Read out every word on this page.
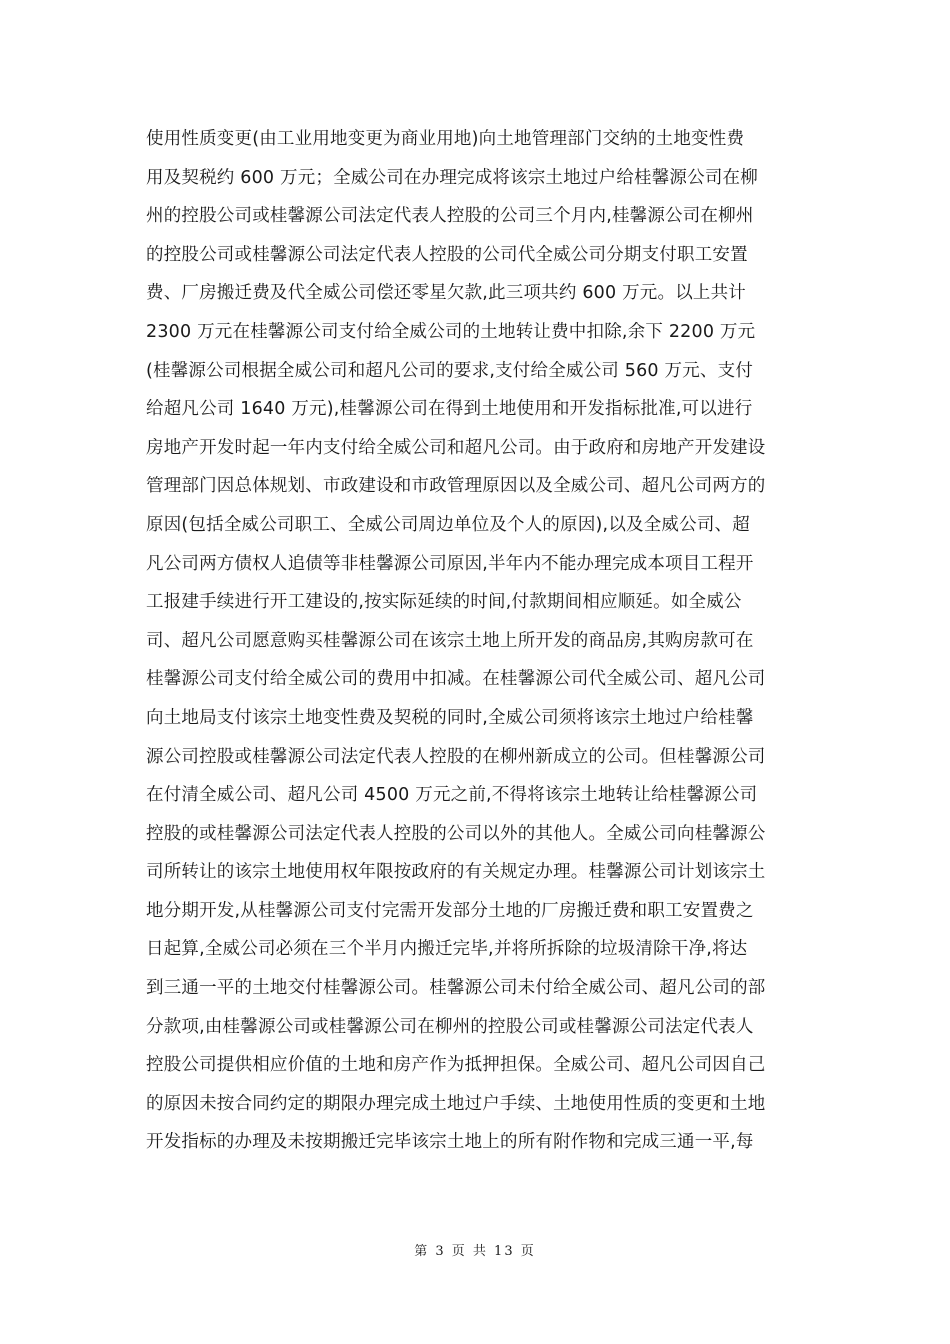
使用性质变更(由工业用地变更为商业用地)向土地管理部门交纳的土地变性费
用及契税约 600 万元；全威公司在办理完成将该宗土地过户给桂馨源公司在柳
州的控股公司或桂馨源公司法定代表人控股的公司三个月内,桂馨源公司在柳州
的控股公司或桂馨源公司法定代表人控股的公司代全威公司分期支付职工安置
费、厂房搬迁费及代全威公司偿还零星欠款,此三项共约 600 万元。以上共计
2300 万元在桂馨源公司支付给全威公司的土地转让费中扣除,余下 2200 万元
(桂馨源公司根据全威公司和超凡公司的要求,支付给全威公司 560 万元、支付
给超凡公司 1640 万元),桂馨源公司在得到土地使用和开发指标批准,可以进行
房地产开发时起一年内支付给全威公司和超凡公司。由于政府和房地产开发建设
管理部门因总体规划、市政建设和市政管理原因以及全威公司、超凡公司两方的
原因(包括全威公司职工、全威公司周边单位及个人的原因),以及全威公司、超
凡公司两方债权人追债等非桂馨源公司原因,半年内不能办理完成本项目工程开
工报建手续进行开工建设的,按实际延续的时间,付款期间相应顺延。如全威公
司、超凡公司愿意购买桂馨源公司在该宗土地上所开发的商品房,其购房款可在
桂馨源公司支付给全威公司的费用中扣减。在桂馨源公司代全威公司、超凡公司
向土地局支付该宗土地变性费及契税的同时,全威公司须将该宗土地过户给桂馨
源公司控股或桂馨源公司法定代表人控股的在柳州新成立的公司。但桂馨源公司
在付清全威公司、超凡公司 4500 万元之前,不得将该宗土地转让给桂馨源公司
控股的或桂馨源公司法定代表人控股的公司以外的其他人。全威公司向桂馨源公
司所转让的该宗土地使用权年限按政府的有关规定办理。桂馨源公司计划该宗土
地分期开发,从桂馨源公司支付完需开发部分土地的厂房搬迁费和职工安置费之
日起算,全威公司必须在三个半月内搬迁完毕,并将所拆除的垃圾清除干净,将达
到三通一平的土地交付桂馨源公司。桂馨源公司未付给全威公司、超凡公司的部
分款项,由桂馨源公司或桂馨源公司在柳州的控股公司或桂馨源公司法定代表人
控股公司提供相应价值的土地和房产作为抵押担保。全威公司、超凡公司因自己
的原因未按合同约定的期限办理完成土地过户手续、土地使用性质的变更和土地
开发指标的办理及未按期搬迁完毕该宗土地上的所有附作物和完成三通一平,每
第 3 页 共 13 页
